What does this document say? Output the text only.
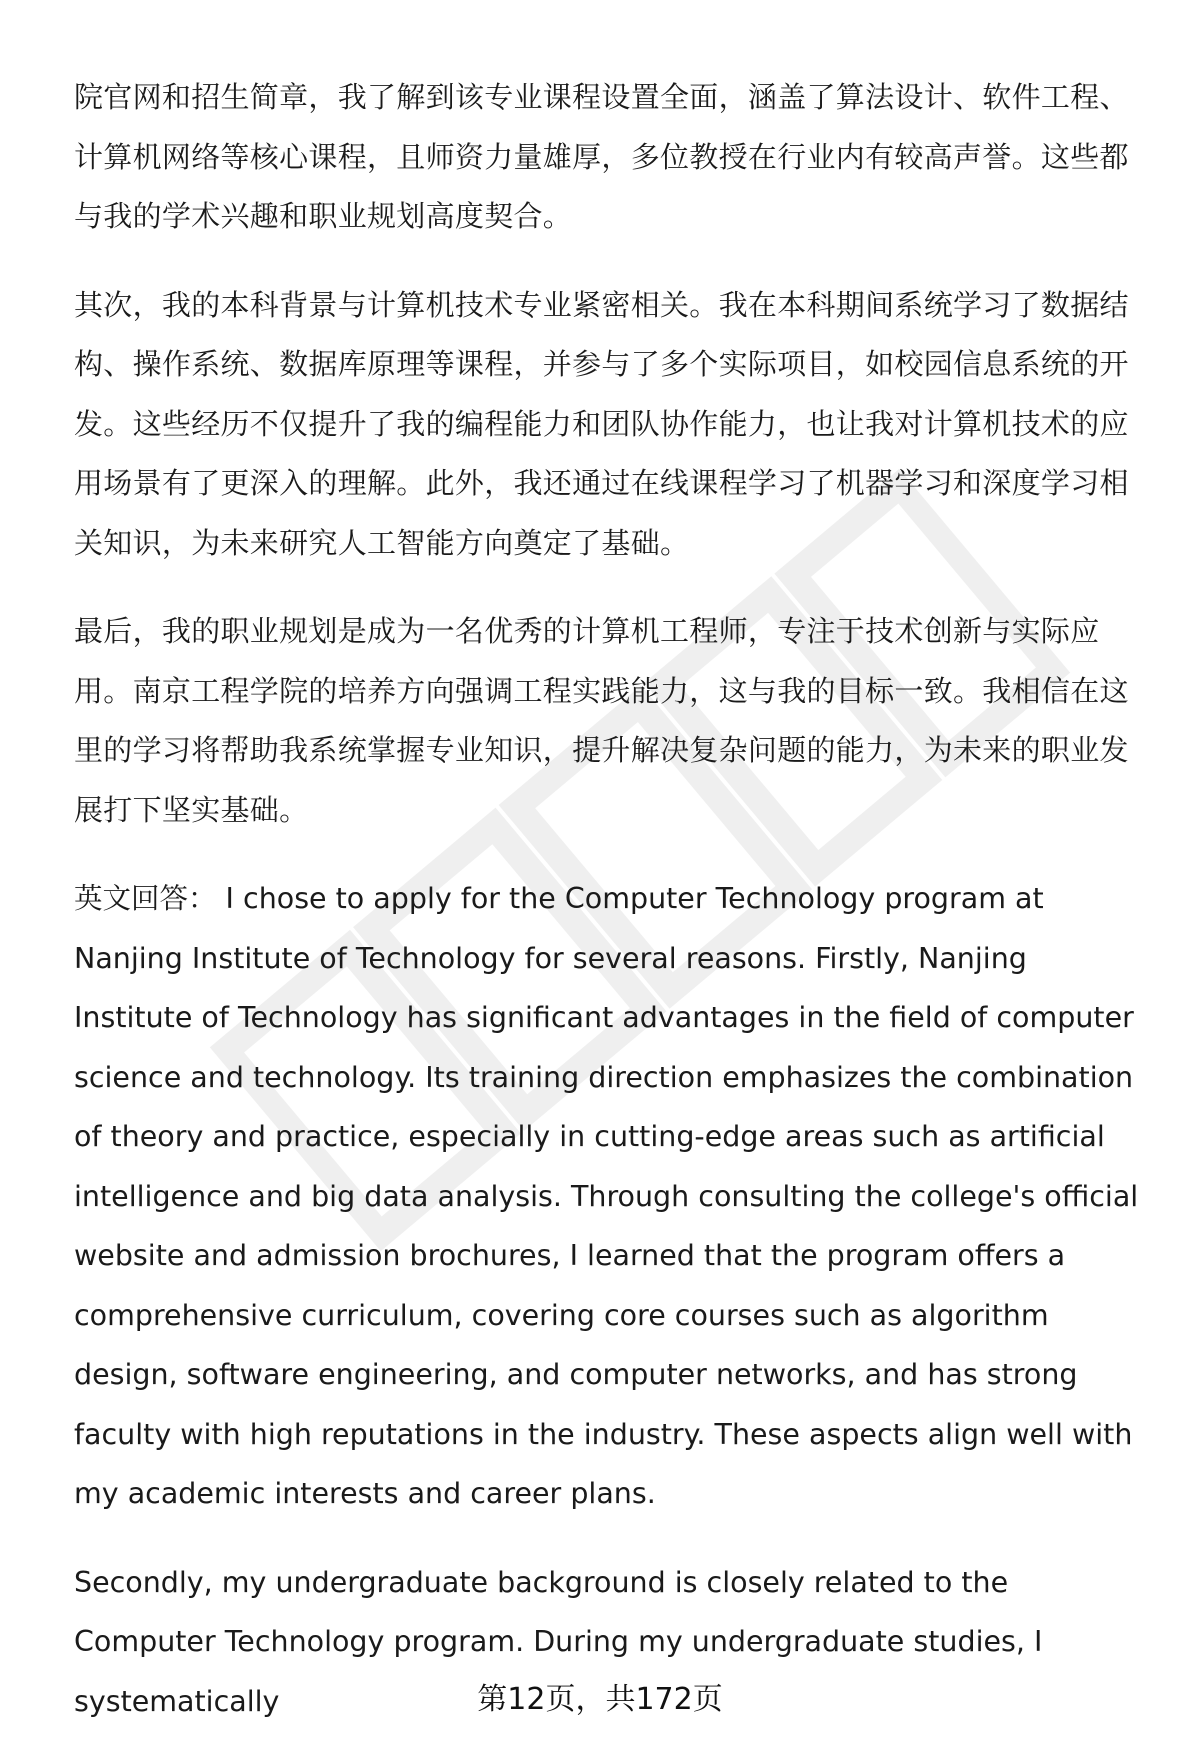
院官网和招生简章，我了解到该专业课程设置全面，涵盖了算法设计、软件工程、计算机网络等核心课程，且师资力量雄厚，多位教授在行业内有较高声誉。这些都与我的学术兴趣和职业规划高度契合。

其次，我的本科背景与计算机技术专业紧密相关。我在本科期间系统学习了数据结构、操作系统、数据库原理等课程，并参与了多个实际项目，如校园信息系统的开发。这些经历不仅提升了我的编程能力和团队协作能力，也让我对计算机技术的应用场景有了更深入的理解。此外，我还通过在线课程学习了机器学习和深度学习相关知识，为未来研究人工智能方向奠定了基础。

最后，我的职业规划是成为一名优秀的计算机工程师，专注于技术创新与实际应用。南京工程学院的培养方向强调工程实践能力，这与我的目标一致。我相信在这里的学习将帮助我系统掌握专业知识，提升解决复杂问题的能力，为未来的职业发展打下坚实基础。

英文回答： I chose to apply for the Computer Technology program at Nanjing Institute of Technology for several reasons. Firstly, Nanjing Institute of Technology has significant advantages in the field of computer science and technology. Its training direction emphasizes the combination of theory and practice, especially in cutting-edge areas such as artificial intelligence and big data analysis. Through consulting the college's official website and admission brochures, I learned that the program offers a comprehensive curriculum, covering core courses such as algorithm design, software engineering, and computer networks, and has strong faculty with high reputations in the industry. These aspects align well with my academic interests and career plans.

Secondly, my undergraduate background is closely related to the Computer Technology program. During my undergraduate studies, I systematically	第12页，共172页
